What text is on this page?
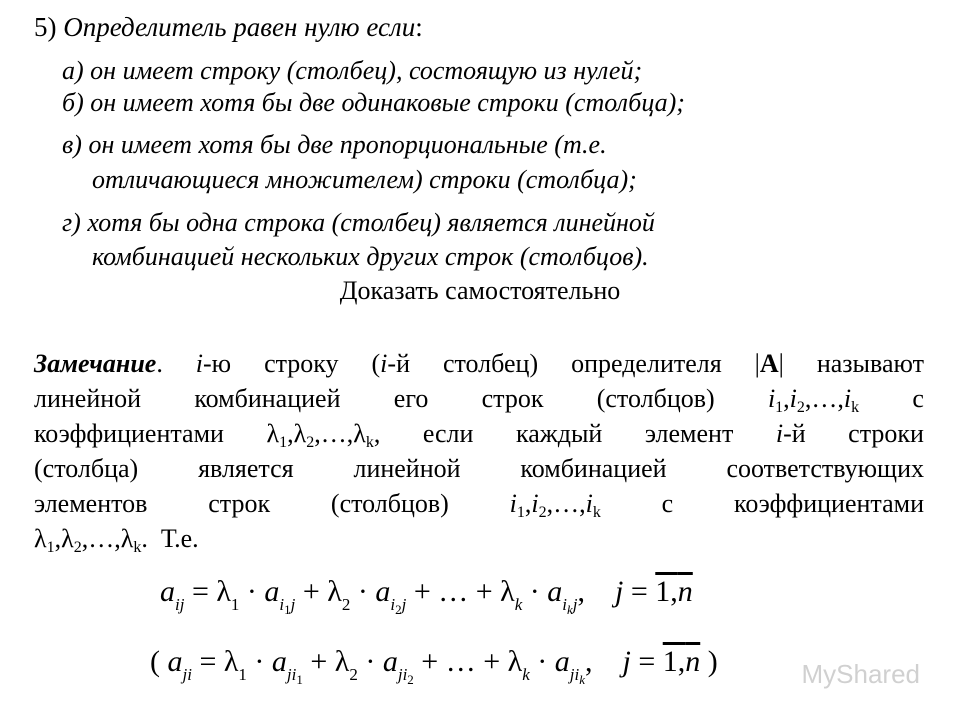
5) Определитель равен нулю если:
а) он имеет строку (столбец), состоящую из нулей;
б) он имеет хотя бы две одинаковые строки (столбца);
в) он имеет хотя бы две пропорциональные (т.е.
отличающиеся множителем) строки (столбца);
г) хотя бы одна строка (столбец) является линейной
комбинацией нескольких других строк (столбцов).
Доказать самостоятельно
Замечание. i-ю строку (i-й столбец) определителя |A| называют
линейной комбинацией его строк (столбцов) $i_1,i_2,\dots,i_k$ с
коэффициентами $\lambda_1,\lambda_2,\dots,\lambda_k$, если каждый элемент i-й строки
(столбца) является линейной комбинацией соответствующих
элементов строк (столбцов) $i_1,i_2,\dots,i_k$ с коэффициентами
$\lambda_1,\lambda_2,\dots,\lambda_k$.  Т.е.
$a_{ij} = \lambda_1 \cdot a_{i_1j} + \lambda_2 \cdot a_{i_2j}$ + … + $\lambda_k \cdot a_{i_kj}$,    j = 1,n
( $a_{ji} = \lambda_1 \cdot a_{ji_1} + \lambda_2 \cdot a_{ji_2}$ + … + $\lambda_k \cdot a_{ji_k}$,    j = 1,n )	MyShared
